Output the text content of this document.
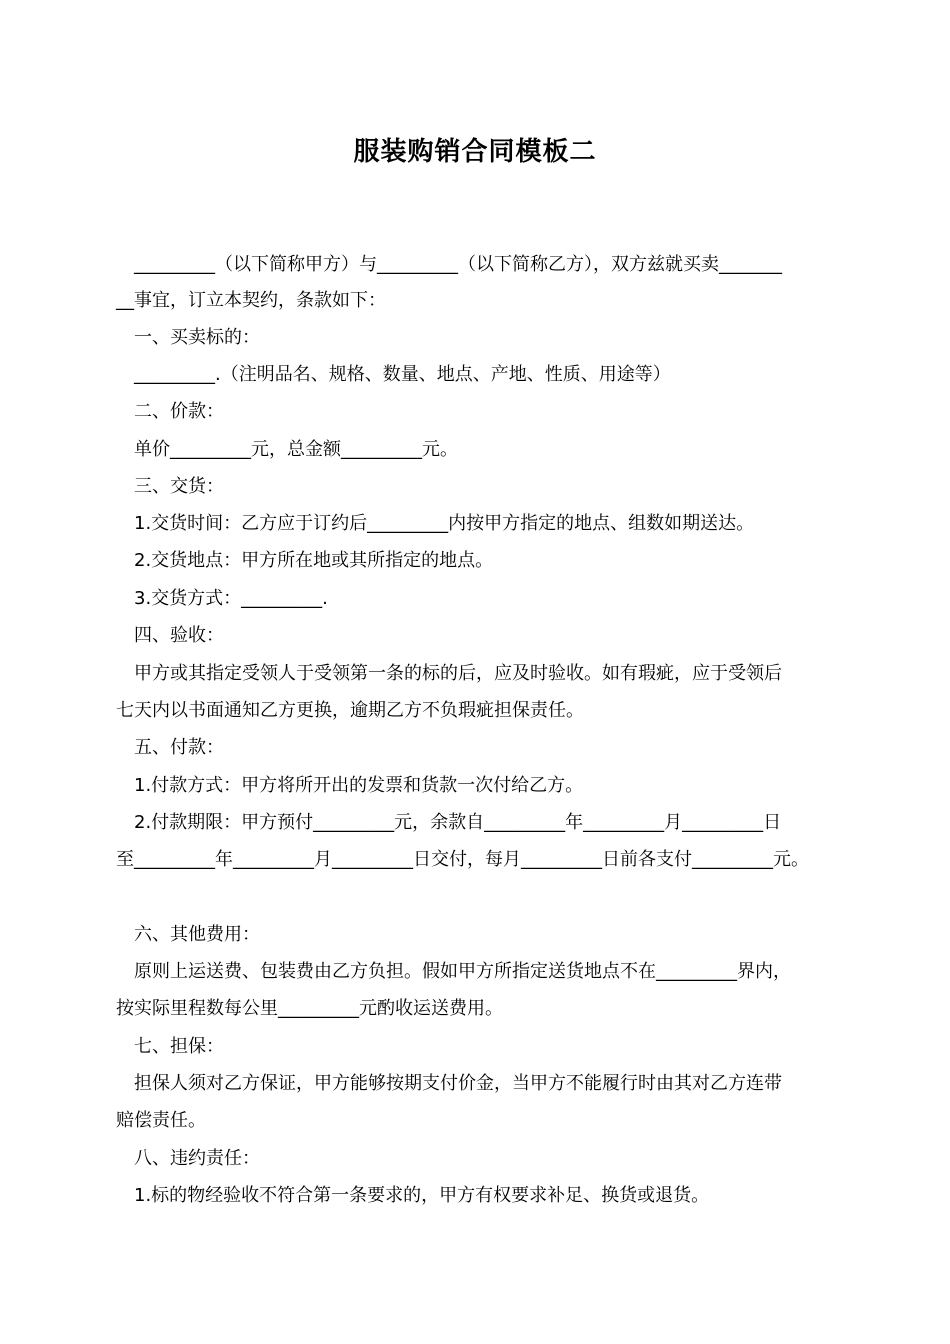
服装购销合同模板二
_________（以下简称甲方）与_________（以下简称乙方），双方兹就买卖_______
__事宜，订立本契约，条款如下：
一、买卖标的：
_________.（注明品名、规格、数量、地点、产地、性质、用途等）
二、价款：
单价_________元，总金额_________元。
三、交货：
1.交货时间：乙方应于订约后_________内按甲方指定的地点、组数如期送达。
2.交货地点：甲方所在地或其所指定的地点。
3.交货方式：_________.
四、验收：
甲方或其指定受领人于受领第一条的标的后，应及时验收。如有瑕疵，应于受领后
七天内以书面通知乙方更换，逾期乙方不负瑕疵担保责任。
五、付款：
1.付款方式：甲方将所开出的发票和货款一次付给乙方。
2.付款期限：甲方预付_________元，余款自_________年_________月_________日
至_________年_________月_________日交付，每月_________日前各支付_________元。
六、其他费用：
原则上运送费、包装费由乙方负担。假如甲方所指定送货地点不在_________界内，
按实际里程数每公里_________元酌收运送费用。
七、担保：
担保人须对乙方保证，甲方能够按期支付价金，当甲方不能履行时由其对乙方连带
赔偿责任。
八、违约责任：
1.标的物经验收不符合第一条要求的，甲方有权要求补足、换货或退货。
